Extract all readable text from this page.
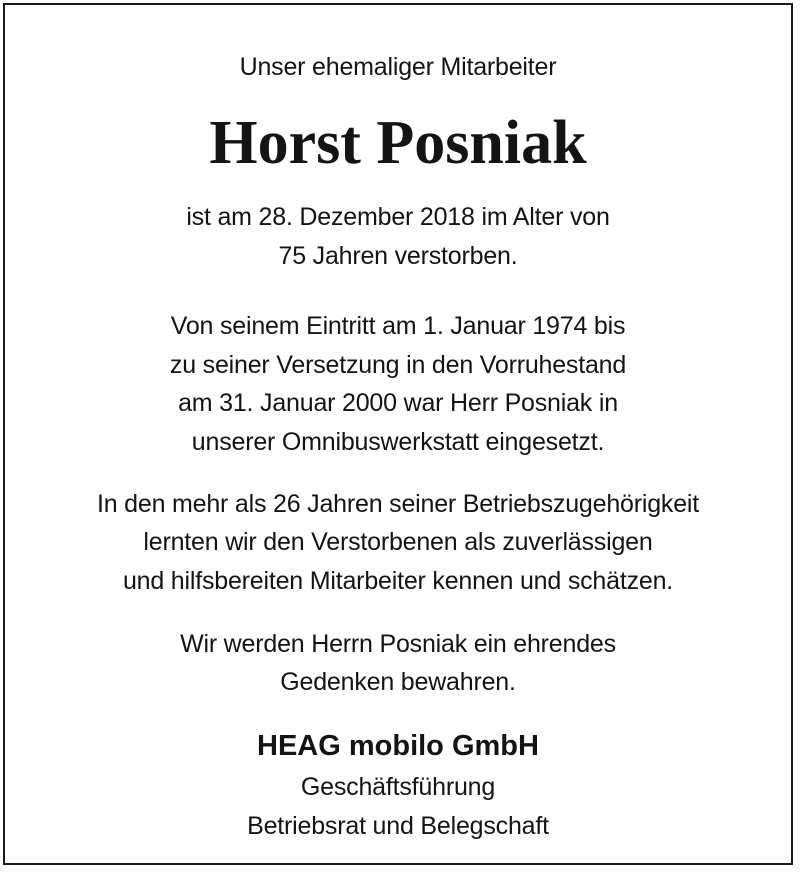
Unser ehemaliger Mitarbeiter

Horst Posniak

ist am 28. Dezember 2018 im Alter von

75 Jahren verstorben.

Von seinem Eintritt am 1. Januar 1974 bis

zu seiner Versetzung in den Vorruhestand

am 31. Januar 2000 war Herr Posniak in

unserer Omnibuswerkstatt eingesetzt.

In den mehr als 26 Jahren seiner Betriebszugehörigkeit

lernten wir den Verstorbenen als zuverlässigen

und hilfsbereiten Mitarbeiter kennen und schätzen.

Wir werden Herrn Posniak ein ehrendes

Gedenken bewahren.

HEAG mobilo GmbH

Geschäftsführung

Betriebsrat und Belegschaft
